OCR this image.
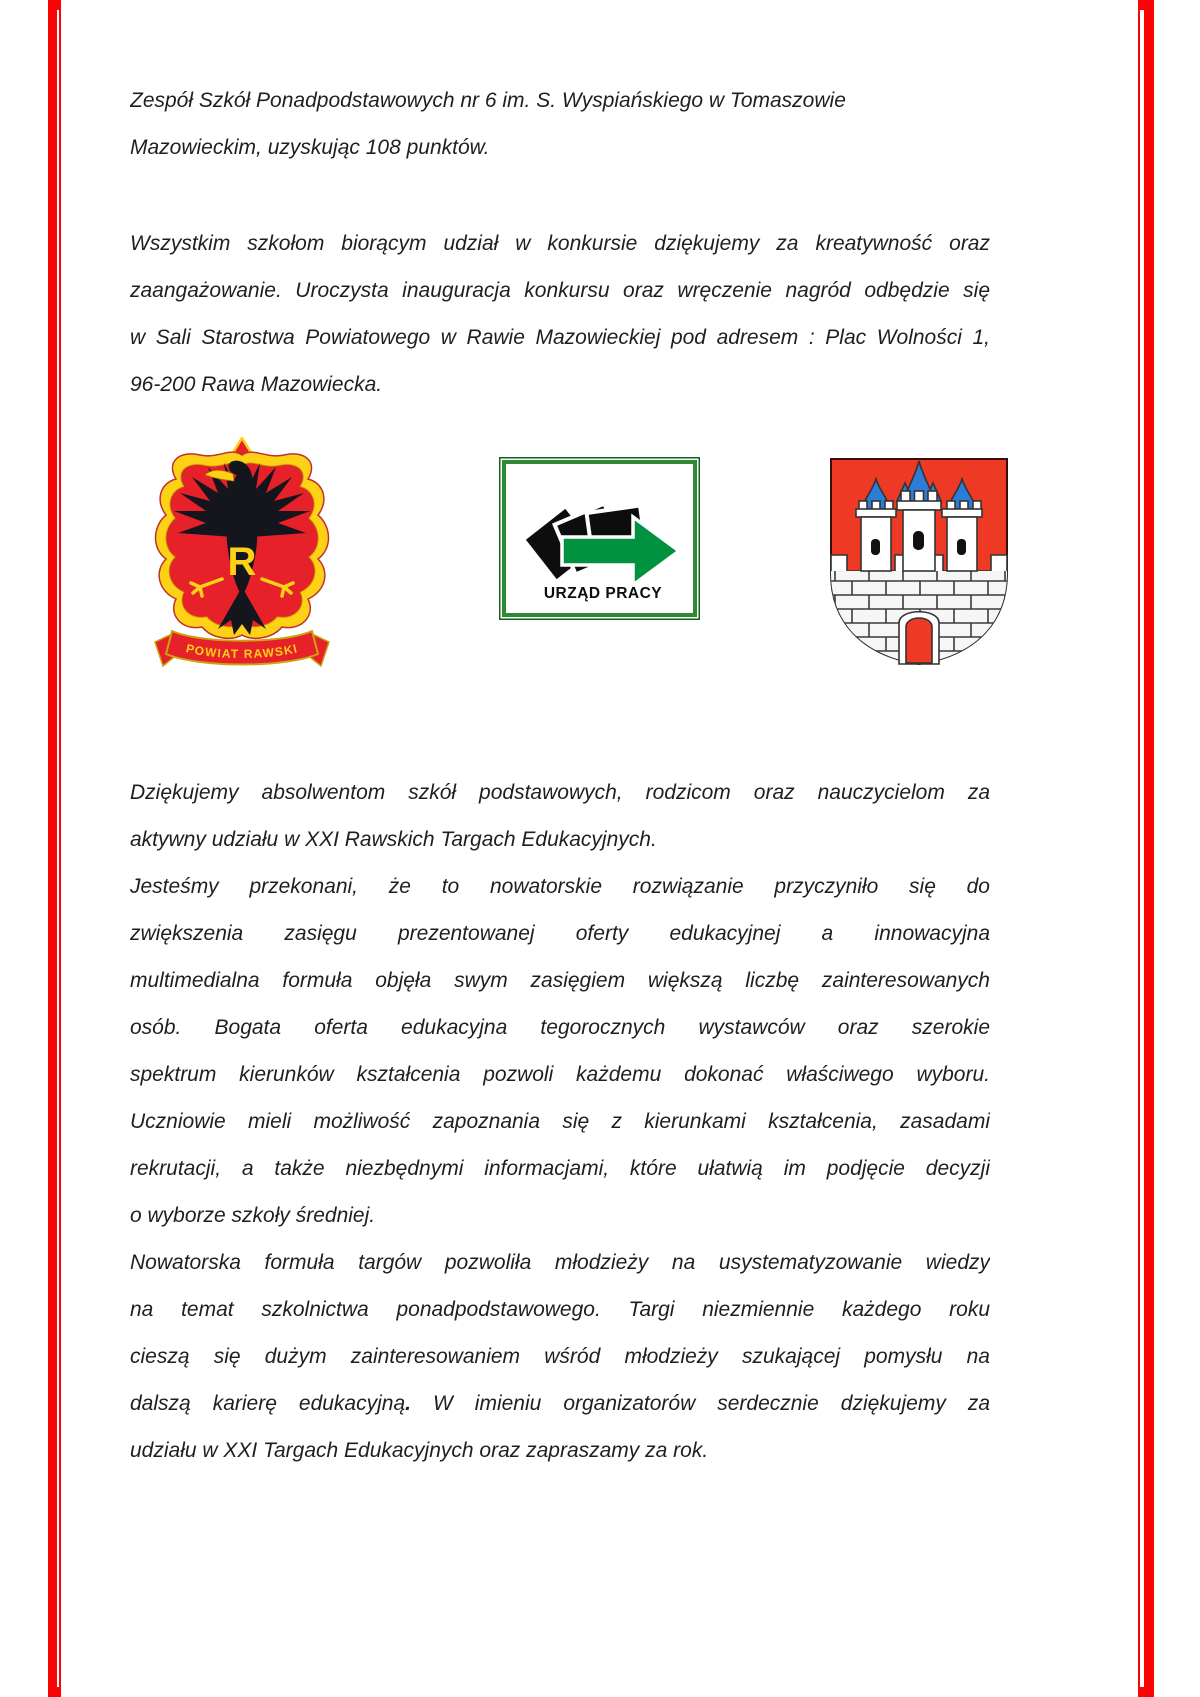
Zespół Szkół Ponadpodstawowych nr 6 im. S. Wyspiańskiego w Tomaszowie
Mazowieckim, uzyskując 108 punktów.
Wszystkim szkołom biorącym udział w konkursie dziękujemy za kreatywność oraz
zaangażowanie. Uroczysta inauguracja konkursu oraz wręczenie nagród odbędzie się
w Sali Starostwa Powiatowego w Rawie Mazowieckiej pod adresem : Plac Wolności 1,
96-200 Rawa Mazowiecka.
R
POWIAT RAWSKI
URZĄD PRACY
Dziękujemy absolwentom szkół podstawowych, rodzicom oraz nauczycielom za
aktywny udziału w XXI Rawskich Targach Edukacyjnych.
Jesteśmy przekonani, że to nowatorskie rozwiązanie przyczyniło się do
zwiększenia zasięgu prezentowanej oferty edukacyjnej a innowacyjna
multimedialna formuła objęła swym zasięgiem większą liczbę zainteresowanych
osób. Bogata oferta edukacyjna tegorocznych wystawców oraz szerokie
spektrum kierunków kształcenia pozwoli każdemu dokonać właściwego wyboru.
Uczniowie mieli możliwość zapoznania się z kierunkami kształcenia, zasadami
rekrutacji, a także niezbędnymi informacjami, które ułatwią im podjęcie decyzji
o wyborze szkoły średniej.
Nowatorska formuła targów pozwoliła młodzieży na usystematyzowanie wiedzy
na temat szkolnictwa ponadpodstawowego. Targi niezmiennie każdego roku
cieszą się dużym zainteresowaniem wśród młodzieży szukającej pomysłu na
dalszą karierę edukacyjną. W imieniu organizatorów serdecznie dziękujemy za
udziału w XXI Targach Edukacyjnych oraz zapraszamy za rok.
